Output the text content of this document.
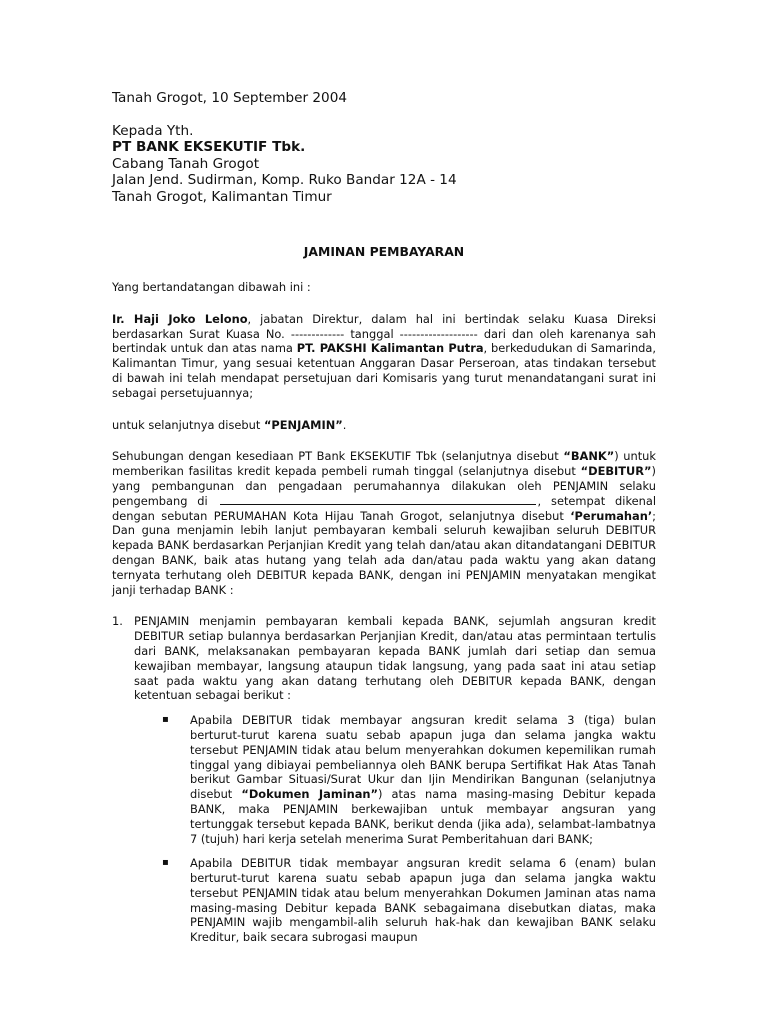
Tanah Grogot, 10 September 2004
Kepada Yth.
PT BANK EKSEKUTIF Tbk.
Cabang Tanah Grogot
Jalan Jend. Sudirman, Komp. Ruko Bandar 12A - 14
Tanah Grogot, Kalimantan Timur
JAMINAN PEMBAYARAN

Yang bertandatangan dibawah ini :

Ir. Haji Joko Lelono, jabatan Direktur, dalam hal ini bertindak selaku Kuasa Direksi berdasarkan Surat Kuasa No. ------------- tanggal ------------------- dari dan oleh karenanya sah bertindak untuk dan atas nama PT. PAKSHI Kalimantan Putra, berkedudukan di Samarinda, Kalimantan Timur, yang sesuai ketentuan Anggaran Dasar Perseroan, atas tindakan tersebut di bawah ini telah mendapat persetujuan dari Komisaris yang turut menandatangani surat ini sebagai persetujuannya;

untuk selanjutnya disebut “PENJAMIN”.

Sehubungan dengan kesediaan PT Bank EKSEKUTIF Tbk (selanjutnya disebut “BANK”) untuk memberikan fasilitas kredit kepada pembeli rumah tinggal (selanjutnya disebut “DEBITUR”) yang pembangunan dan pengadaan perumahannya dilakukan oleh PENJAMIN selaku pengembang di	, setempat dikenal dengan sebutan PERUMAHAN Kota Hijau Tanah Grogot, selanjutnya disebut ‘Perumahan’; Dan guna menjamin lebih lanjut pembayaran kembali seluruh kewajiban seluruh DEBITUR kepada BANK berdasarkan Perjanjian Kredit yang telah dan/atau akan ditandatangani DEBITUR dengan BANK, baik atas hutang yang telah ada dan/atau pada waktu yang akan datang ternyata terhutang oleh DEBITUR kepada BANK, dengan ini PENJAMIN menyatakan mengikat janji terhadap BANK :

1. PENJAMIN menjamin pembayaran kembali kepada BANK, sejumlah angsuran kredit DEBITUR setiap bulannya berdasarkan Perjanjian Kredit, dan/atau atas permintaan tertulis dari BANK, melaksanakan pembayaran kepada BANK jumlah dari setiap dan semua kewajiban membayar, langsung ataupun tidak langsung, yang pada saat ini atau setiap saat pada waktu yang akan datang terhutang oleh DEBITUR kepada BANK, dengan ketentuan sebagai berikut :
▪ Apabila DEBITUR tidak membayar angsuran kredit selama 3 (tiga) bulan berturut-turut karena suatu sebab apapun juga dan selama jangka waktu tersebut PENJAMIN tidak atau belum menyerahkan dokumen kepemilikan rumah tinggal yang dibiayai pembeliannya oleh BANK berupa Sertifikat Hak Atas Tanah berikut Gambar Situasi/Surat Ukur dan Ijin Mendirikan Bangunan (selanjutnya disebut “Dokumen Jaminan”) atas nama masing-masing Debitur kepada BANK, maka PENJAMIN berkewajiban untuk membayar angsuran yang tertunggak tersebut kepada BANK, berikut denda (jika ada), selambat-lambatnya 7 (tujuh) hari kerja setelah menerima Surat Pemberitahuan dari BANK;
▪ Apabila DEBITUR tidak membayar angsuran kredit selama 6 (enam) bulan berturut-turut karena suatu sebab apapun juga dan selama jangka waktu tersebut PENJAMIN tidak atau belum menyerahkan Dokumen Jaminan atas nama masing-masing Debitur kepada BANK sebagaimana disebutkan diatas, maka PENJAMIN wajib mengambil-alih seluruh hak-hak dan kewajiban BANK selaku Kreditur, baik secara subrogasi maupun
